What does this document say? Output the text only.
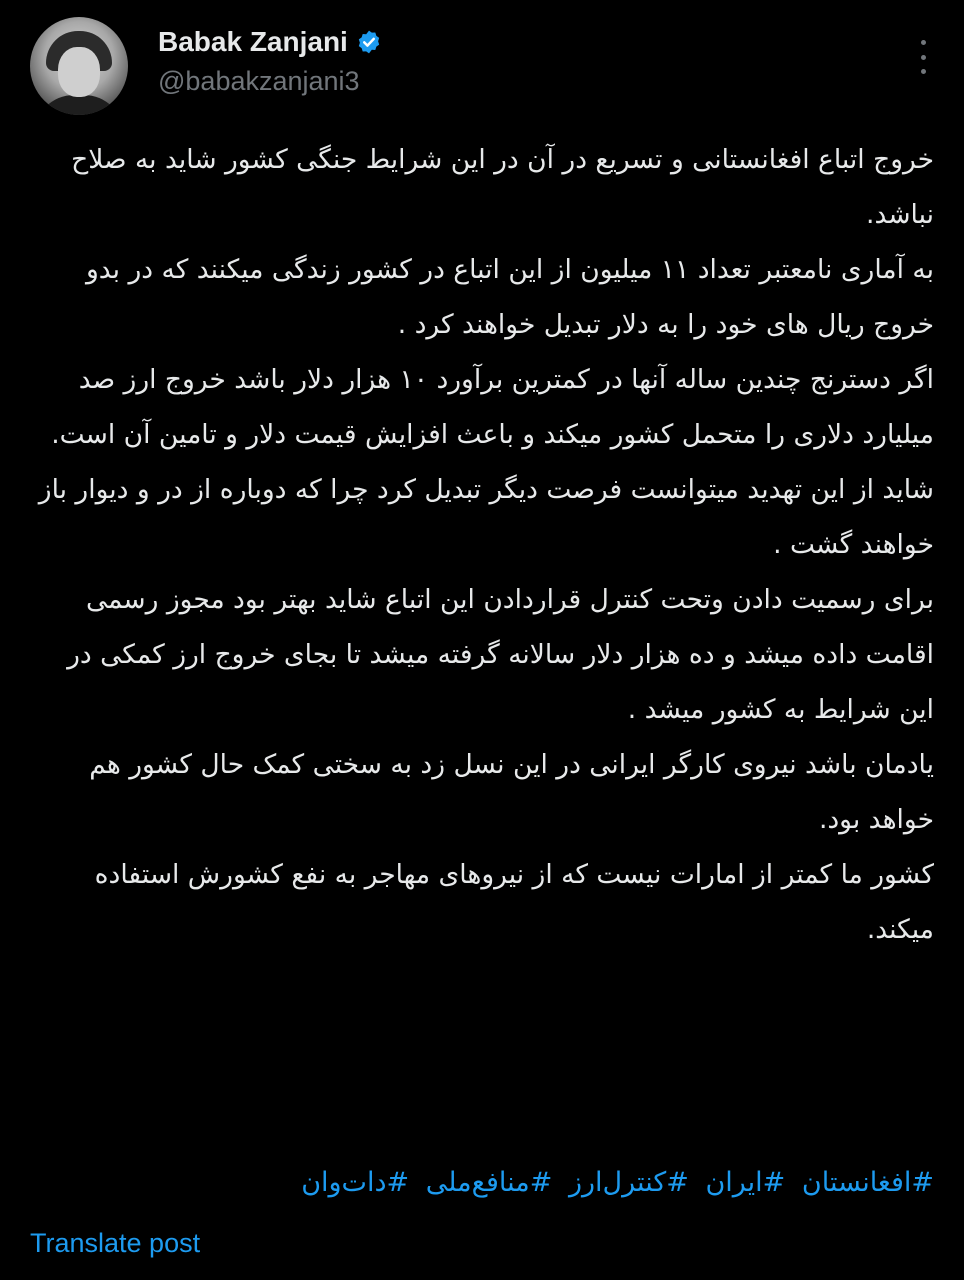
Babak Zanjani
@babakzanjani3

خروج اتباع افغانستانی و تسریع در آن در این شرایط جنگی کشور شاید به صلاح نباشد.

به آماری نامعتبر تعداد ۱۱ میلیون از این اتباع در کشور زندگی میکنند که در بدو خروج ریال های خود را به دلار تبدیل خواهند کرد .

اگر دسترنج چندین ساله آنها در کمترین برآورد ۱۰ هزار دلار باشد خروج ارز صد میلیارد دلاری را متحمل کشور میکند و باعث افزایش قیمت دلار و تامین آن است.

شاید از این تهدید میتوانست فرصت دیگر تبدیل کرد چرا که دوباره از در و دیوار باز خواهند گشت .

برای رسمیت دادن وتحت کنترل قراردادن این اتباع شاید بهتر بود مجوز رسمی اقامت داده میشد و ده هزار دلار سالانه گرفته میشد تا بجای خروج ارز کمکی در این شرایط به کشور میشد .

یادمان باشد نیروی کارگر ایرانی در این نسل زد به سختی کمک حال کشور هم خواهد بود.

کشور ما کمتر از امارات نیست که از نیروهای مهاجر به نفع کشورش استفاده میکند.

#افغانستان #ایران #کنترل‌ارز #منافع‌ملی #دات‌وان
Translate post
